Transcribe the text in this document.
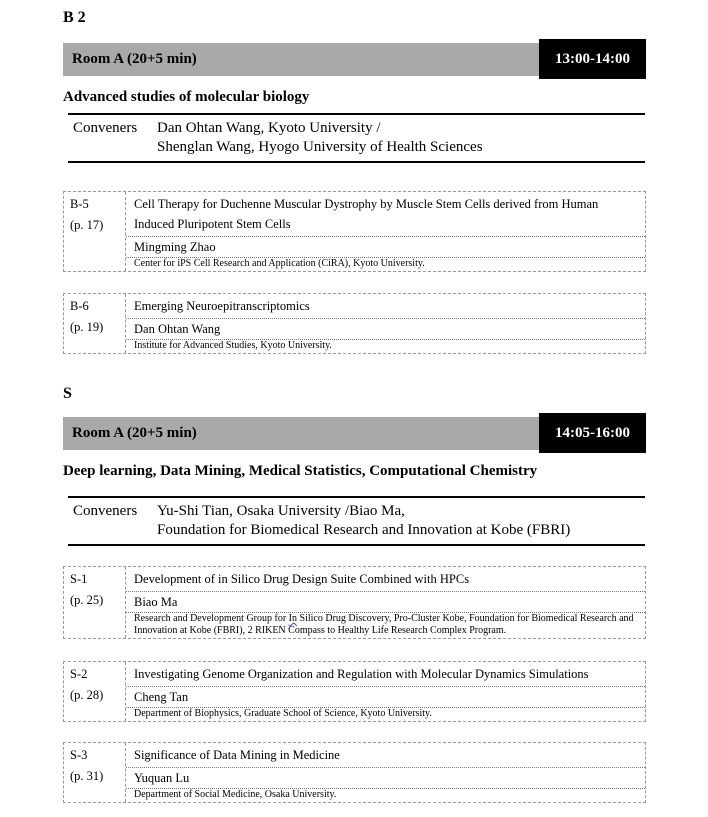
B 2
Room A (20+5 min)	13:00-14:00
Advanced studies of molecular biology
Conveners	Dan Ohtan Wang, Kyoto University /
Shenglan Wang, Hyogo University of Health Sciences
B-5
(p. 17)
Cell Therapy for Duchenne Muscular Dystrophy by Muscle Stem Cells derived from Human Induced Pluripotent Stem Cells
Mingming Zhao
Center for iPS Cell Research and Application (CiRA), Kyoto University.
B-6
(p. 19)
Emerging Neuroepitranscriptomics
Dan Ohtan Wang
Institute for Advanced Studies, Kyoto University.
S
Room A (20+5 min)	14:05-16:00
Deep learning, Data Mining, Medical Statistics, Computational Chemistry
Conveners	Yu-Shi Tian, Osaka University /Biao Ma,
Foundation for Biomedical Research and Innovation at Kobe (FBRI)
S-1
(p. 25)
Development of in Silico Drug Design Suite Combined with HPCs
Biao Ma
Research and Development Group for In Silico Drug Discovery, Pro-Cluster Kobe, Foundation for Biomedical Research and Innovation at Kobe (FBRI), 2 RIKEN Compass to Healthy Life Research Complex Program.
S-2
(p. 28)
Investigating Genome Organization and Regulation with Molecular Dynamics Simulations
Cheng Tan
Department of Biophysics, Graduate School of Science, Kyoto University.
S-3
(p. 31)
Significance of Data Mining in Medicine
Yuquan Lu
Department of Social Medicine, Osaka University.
